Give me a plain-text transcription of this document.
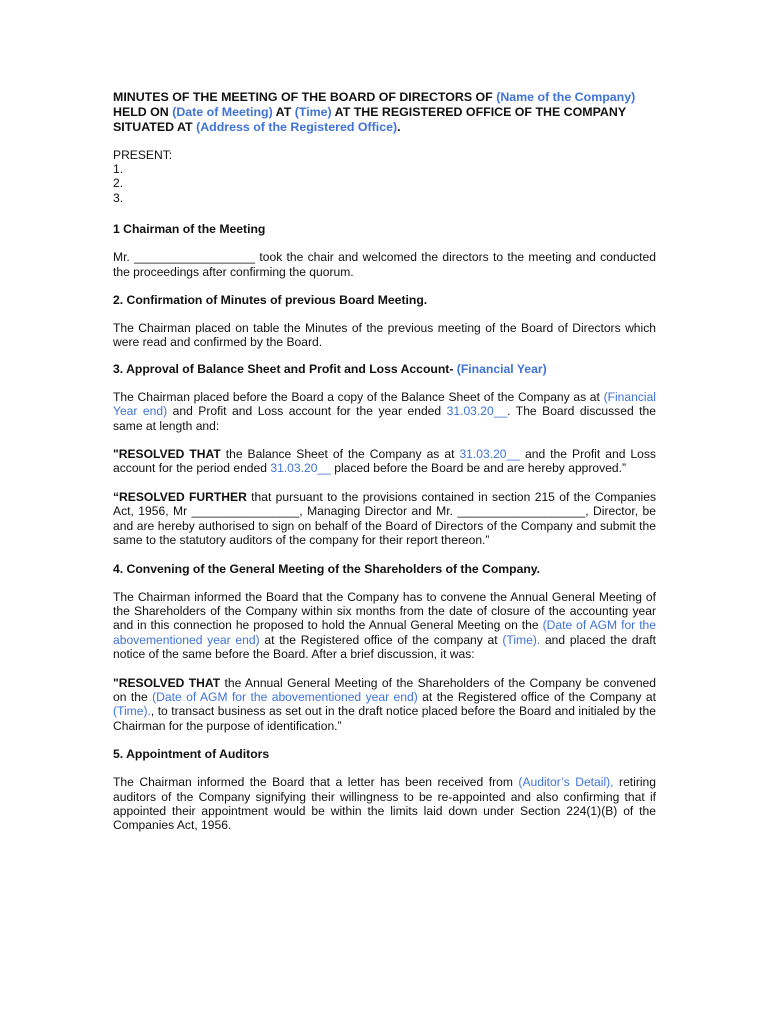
MINUTES OF THE MEETING OF THE BOARD OF DIRECTORS OF (Name of the Company) HELD ON (Date of Meeting) AT (Time) AT THE REGISTERED OFFICE OF THE COMPANY SITUATED AT (Address of the Registered Office).
PRESENT:
1.
2.
3.
1 Chairman of the Meeting

Mr. __________________ took the chair and welcomed the directors to the meeting and conducted the proceedings after confirming the quorum.

2. Confirmation of Minutes of previous Board Meeting.

The Chairman placed on table the Minutes of the previous meeting of the Board of Directors which were read and confirmed by the Board.

3. Approval of Balance Sheet and Profit and Loss Account- (Financial Year)

The Chairman placed before the Board a copy of the Balance Sheet of the Company as at (Financial Year end) and Profit and Loss account for the year ended 31.03.20__. The Board discussed the same at length and:

"RESOLVED THAT the Balance Sheet of the Company as at 31.03.20__ and the Profit and Loss account for the period ended 31.03.20__ placed before the Board be and are hereby approved.”

“RESOLVED FURTHER that pursuant to the provisions contained in section 215 of the Companies Act, 1956, Mr ________________, Managing Director and Mr. ___________________, Director, be and are hereby authorised to sign on behalf of the Board of Directors of the Company and submit the same to the statutory auditors of the company for their report thereon.”

4. Convening of the General Meeting of the Shareholders of the Company.

The Chairman informed the Board that the Company has to convene the Annual General Meeting of the Shareholders of the Company within six months from the date of closure of the accounting year and in this connection he proposed to hold the Annual General Meeting on the (Date of AGM for the abovementioned year end) at the Registered office of the company at (Time). and placed the draft notice of the same before the Board. After a brief discussion, it was:

"RESOLVED THAT the Annual General Meeting of the Shareholders of the Company be convened on the (Date of AGM for the abovementioned year end) at the Registered office of the Company at (Time)., to transact business as set out in the draft notice placed before the Board and initialed by the Chairman for the purpose of identification.”

5. Appointment of Auditors

The Chairman informed the Board that a letter has been received from (Auditor’s Detail), retiring auditors of the Company signifying their willingness to be re-appointed and also confirming that if appointed their appointment would be within the limits laid down under Section 224(1)(B) of the Companies Act, 1956.
